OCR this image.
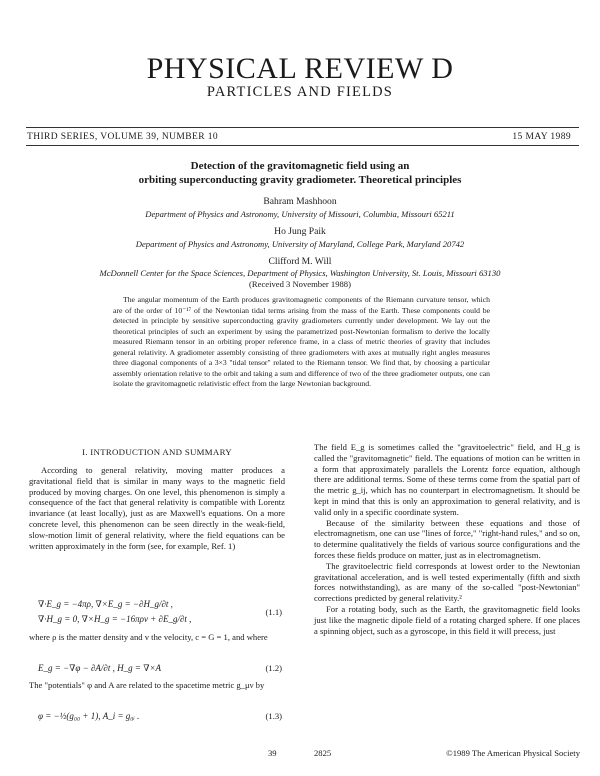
PHYSICAL REVIEW D
PARTICLES AND FIELDS
THIRD SERIES, VOLUME 39, NUMBER 10	15 MAY 1989
Detection of the gravitomagnetic field using an
orbiting superconducting gravity gradiometer. Theoretical principles
Bahram Mashhoon
Department of Physics and Astronomy, University of Missouri, Columbia, Missouri 65211
Ho Jung Paik
Department of Physics and Astronomy, University of Maryland, College Park, Maryland 20742
Clifford M. Will
McDonnell Center for the Space Sciences, Department of Physics, Washington University, St. Louis, Missouri 63130
(Received 3 November 1988)
The angular momentum of the Earth produces gravitomagnetic components of the Riemann curvature tensor, which are of the order of 10⁻¹⁷ of the Newtonian tidal terms arising from the mass of the Earth. These components could be detected in principle by sensitive superconducting gravity gradiometers currently under development. We lay out the theoretical principles of such an experiment by using the parametrized post-Newtonian formalism to derive the locally measured Riemann tensor in an orbiting proper reference frame, in a class of metric theories of gravity that includes general relativity. A gradiometer assembly consisting of three gradiometers with axes at mutually right angles measures three diagonal components of a 3×3 "tidal tensor" related to the Riemann tensor. We find that, by choosing a particular assembly orientation relative to the orbit and taking a sum and difference of two of the three gradiometer outputs, one can isolate the gravitomagnetic relativistic effect from the large Newtonian background.
I. INTRODUCTION AND SUMMARY

According to general relativity, moving matter produces a gravitational field that is similar in many ways to the magnetic field produced by moving charges. On one level, this phenomenon is simply a consequence of the fact that general relativity is compatible with Lorentz invariance (at least locally), just as are Maxwell's equations. On a more concrete level, this phenomenon can be seen directly in the weak-field, slow-motion limit of general relativity, where the field equations can be written approximately in the form (see, for example, Ref. 1)

∇·E_g = −4πρ, ∇×E_g = −∂H_g/∂t ,
∇·H_g = 0, ∇×H_g = −16πρv + ∂E_g/∂t ,
(1.1)

where ρ is the matter density and v the velocity, c = G = 1, and where

E_g = −∇φ − ∂A/∂t , H_g = ∇×A	(1.2)

The "potentials" φ and A are related to the spacetime metric g_μν by

φ = −½(g₀₀ + 1), A_i = g₀ᵢ .	(1.3)

The field E_g is sometimes called the "gravitoelectric" field, and H_g is called the "gravitomagnetic" field. The equations of motion can be written in a form that approximately parallels the Lorentz force equation, although there are additional terms. Some of these terms come from the spatial part of the metric g_ij, which has no counterpart in electromagnetism. It should be kept in mind that this is only an approximation to general relativity, and is valid only in a specific coordinate system.

Because of the similarity between these equations and those of electromagnetism, one can use "lines of force," "right-hand rules," and so on, to determine qualitatively the fields of various source configurations and the forces these fields produce on matter, just as in electromagnetism.

The gravitoelectric field corresponds at lowest order to the Newtonian gravitational acceleration, and is well tested experimentally (fifth and sixth forces notwithstanding), as are many of the so-called "post-Newtonian" corrections predicted by general relativity.²

For a rotating body, such as the Earth, the gravitomagnetic field looks just like the magnetic dipole field of a rotating charged sphere. If one places a spinning object, such as a gyroscope, in this field it will precess, just

39	2825	©1989 The American Physical Society
